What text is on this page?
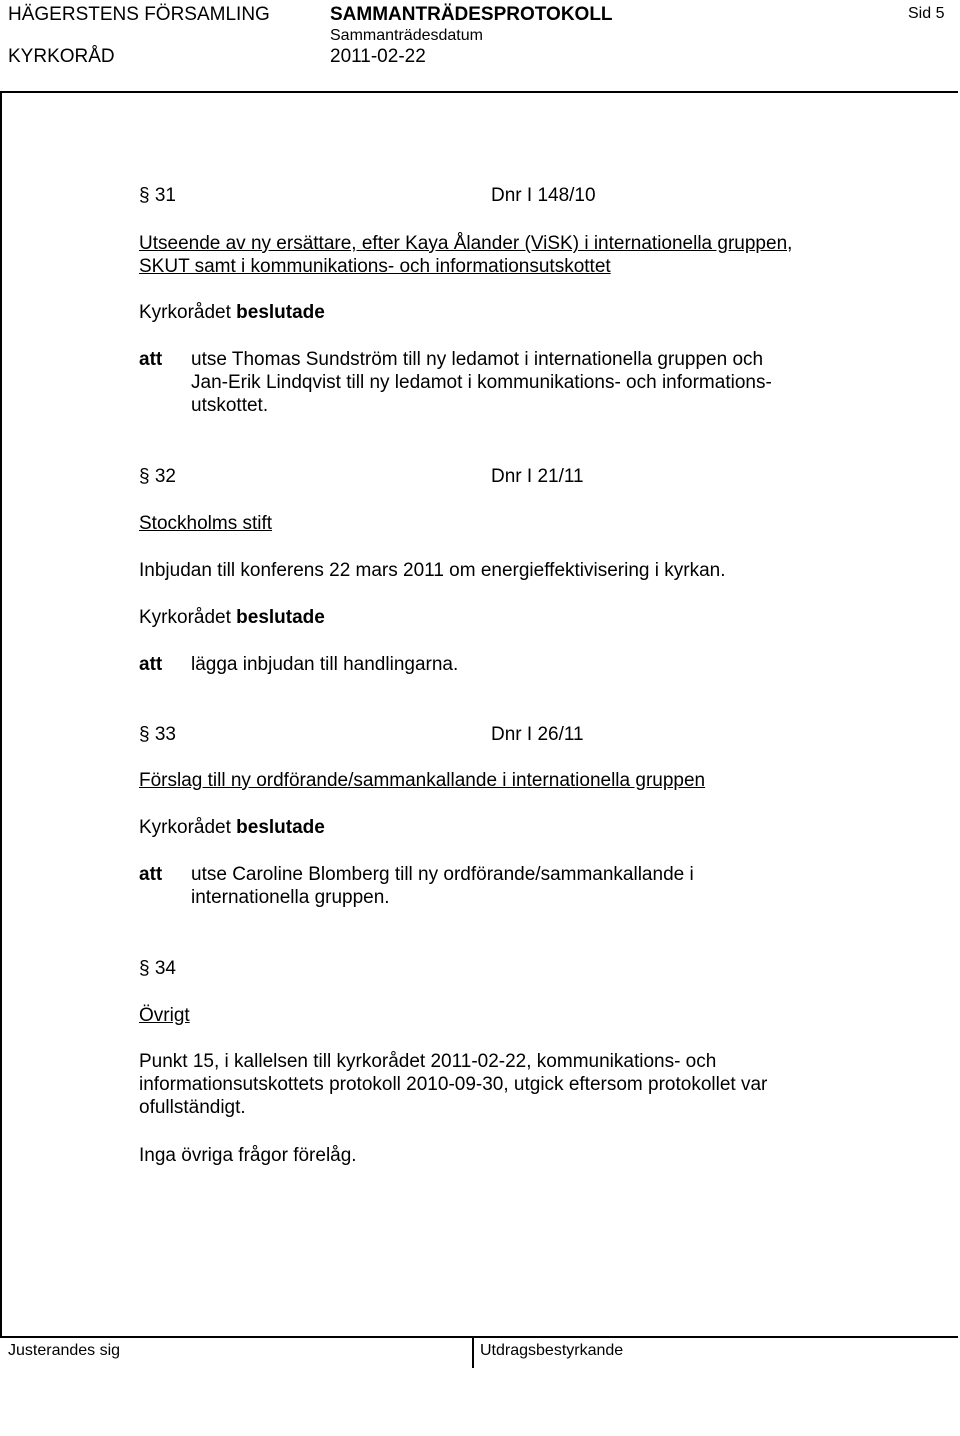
HÄGERSTENS FÖRSAMLING	SAMMANTRÄDESPROTOKOLL	Sid 5
KYRKORÅD
Sammanträdesdatum
2011-02-22
§ 31	Dnr I 148/10
Utseende av ny ersättare, efter Kaya Ålander (ViSK) i internationella gruppen,
SKUT samt i kommunikations- och informationsutskottet
Kyrkorådet beslutade
att utse Thomas Sundström till ny ledamot i internationella gruppen och
Jan-Erik Lindqvist till ny ledamot i kommunikations- och informations-
utskottet.
§ 32	Dnr I 21/11
Stockholms stift
Inbjudan till konferens 22 mars 2011 om energieffektivisering i kyrkan.
Kyrkorådet beslutade
att lägga inbjudan till handlingarna.
§ 33	Dnr I 26/11
Förslag till ny ordförande/sammankallande i internationella gruppen
Kyrkorådet beslutade
att utse Caroline Blomberg till ny ordförande/sammankallande i
internationella gruppen.
§ 34
Övrigt
Punkt 15, i kallelsen till kyrkorådet 2011-02-22, kommunikations- och
informationsutskottets protokoll 2010-09-30, utgick eftersom protokollet var
ofullständigt.
Inga övriga frågor förelåg.
Justerandes sig	Utdragsbestyrkande
